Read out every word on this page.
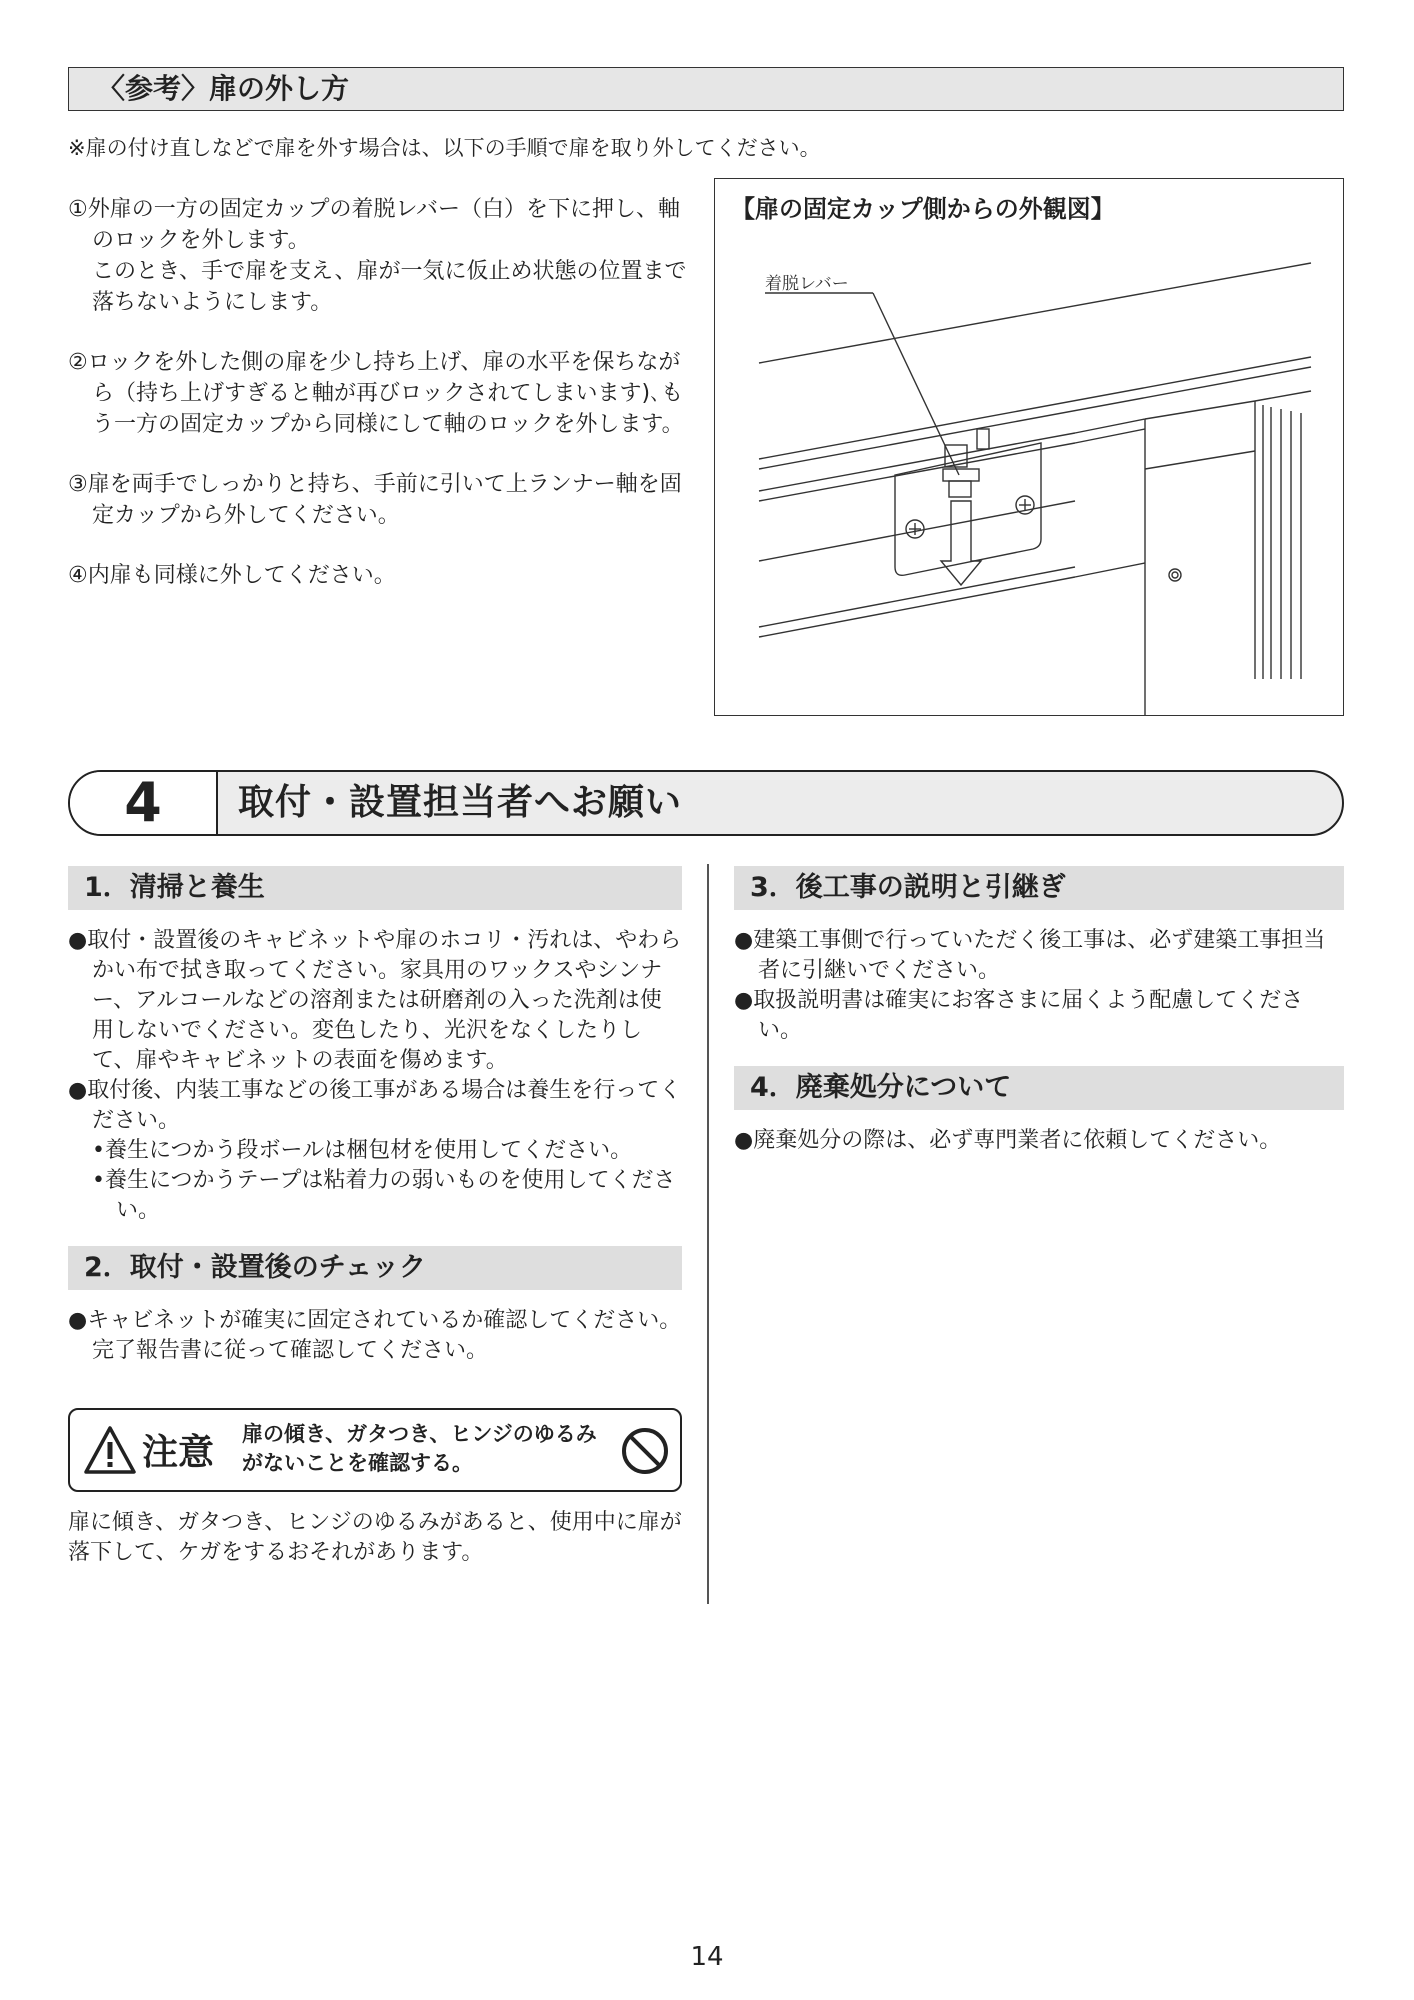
〈参考〉扉の外し方
※扉の付け直しなどで扉を外す場合は、以下の手順で扉を取り外してください。

①外扉の一方の固定カップの着脱レバー（白）を下に押し、軸のロックを外します。

このとき、手で扉を支え、扉が一気に仮止め状態の位置まで落ちないようにします。

②ロックを外した側の扉を少し持ち上げ、扉の水平を保ちながら（持ち上げすぎると軸が再びロックされてしまいます)､もう一方の固定カップから同様にして軸のロックを外します。

③扉を両手でしっかりと持ち、手前に引いて上ランナー軸を固定カップから外してください。

④内扉も同様に外してください。

【扉の固定カップ側からの外観図】
着脱レバー
4	取付・設置担当者へお願い
1．清掃と養生

●取付・設置後のキャビネットや扉のホコリ・汚れは、やわらかい布で拭き取ってください。家具用のワックスやシンナー、アルコールなどの溶剤または研磨剤の入った洗剤は使用しないでください。変色したり、光沢をなくしたりして、扉やキャビネットの表面を傷めます。

●取付後、内装工事などの後工事がある場合は養生を行ってください。

•養生につかう段ボールは梱包材を使用してください。

•養生につかうテープは粘着力の弱いものを使用してください。

2．取付・設置後のチェック

●キャビネットが確実に固定されているか確認してください。

完了報告書に従って確認してください。

注意 扉の傾き、ガタつき、ヒンジのゆるみがないことを確認する。
扉に傾き、ガタつき、ヒンジのゆるみがあると、使用中に扉が落下して、ケガをするおそれがあります。
3．後工事の説明と引継ぎ

●建築工事側で行っていただく後工事は、必ず建築工事担当者に引継いでください。

●取扱説明書は確実にお客さまに届くよう配慮してください。

4．廃棄処分について

●廃棄処分の際は、必ず専門業者に依頼してください。

14
